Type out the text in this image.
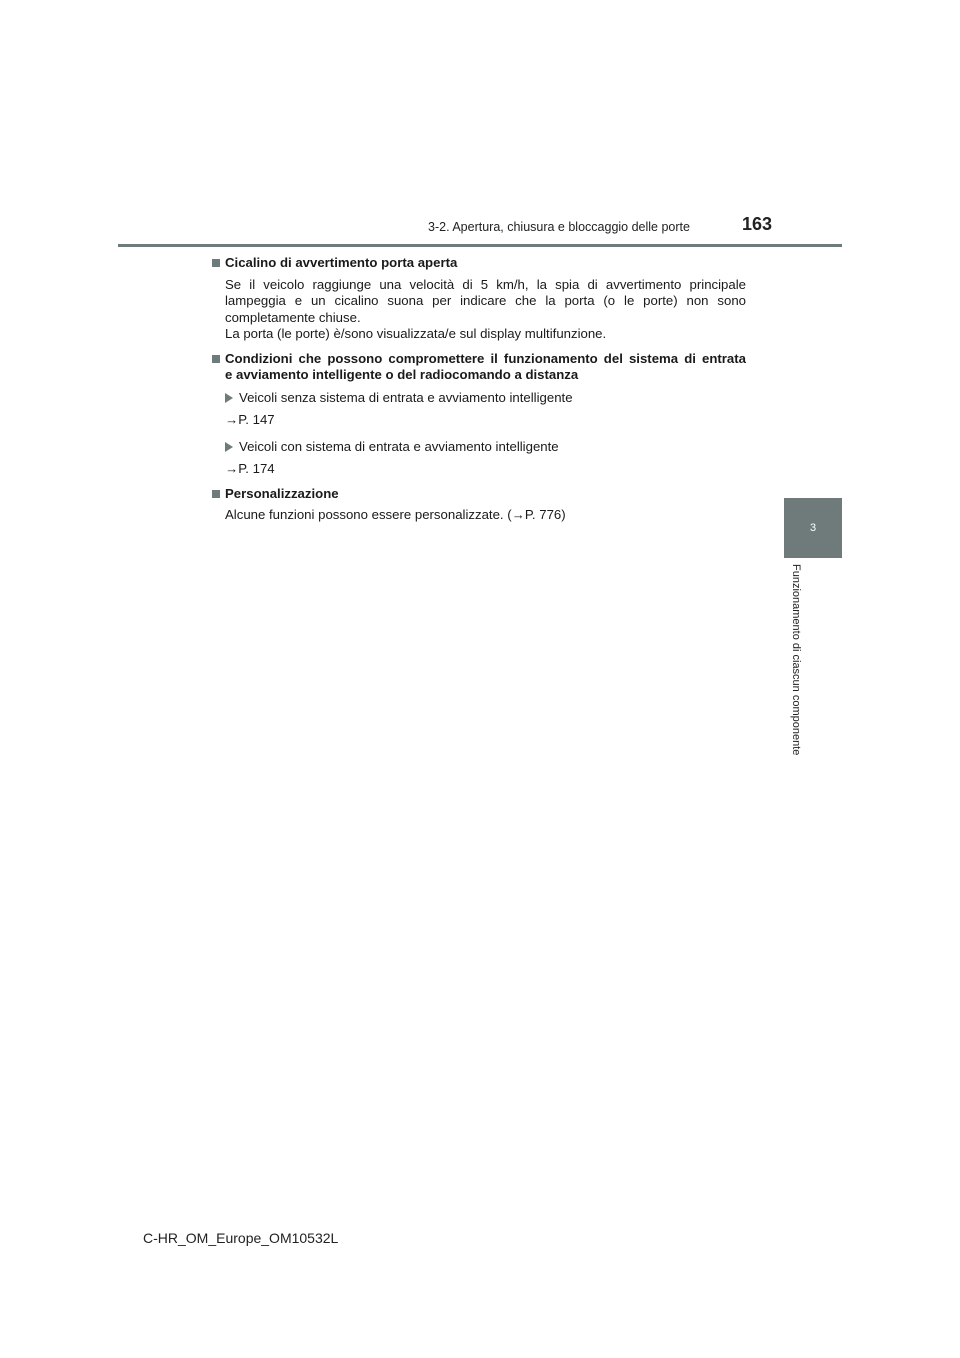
3-2. Apertura, chiusura e bloccaggio delle porte	163
3
Funzionamento di ciascun componente
Cicalino di avvertimento porta aperta
Se il veicolo raggiunge una velocità di 5 km/h, la spia di avvertimento principale
lampeggia e un cicalino suona per indicare che la porta (o le porte) non sono
completamente chiuse.
La porta (le porte) è/sono visualizzata/e sul display multifunzione.
Condizioni che possono compromettere il funzionamento del sistema di entrata
e avviamento intelligente o del radiocomando a distanza
Veicoli senza sistema di entrata e avviamento intelligente
→P. 147
Veicoli con sistema di entrata e avviamento intelligente
→P. 174
Personalizzazione
Alcune funzioni possono essere personalizzate. (→P. 776)
C-HR_OM_Europe_OM10532L
